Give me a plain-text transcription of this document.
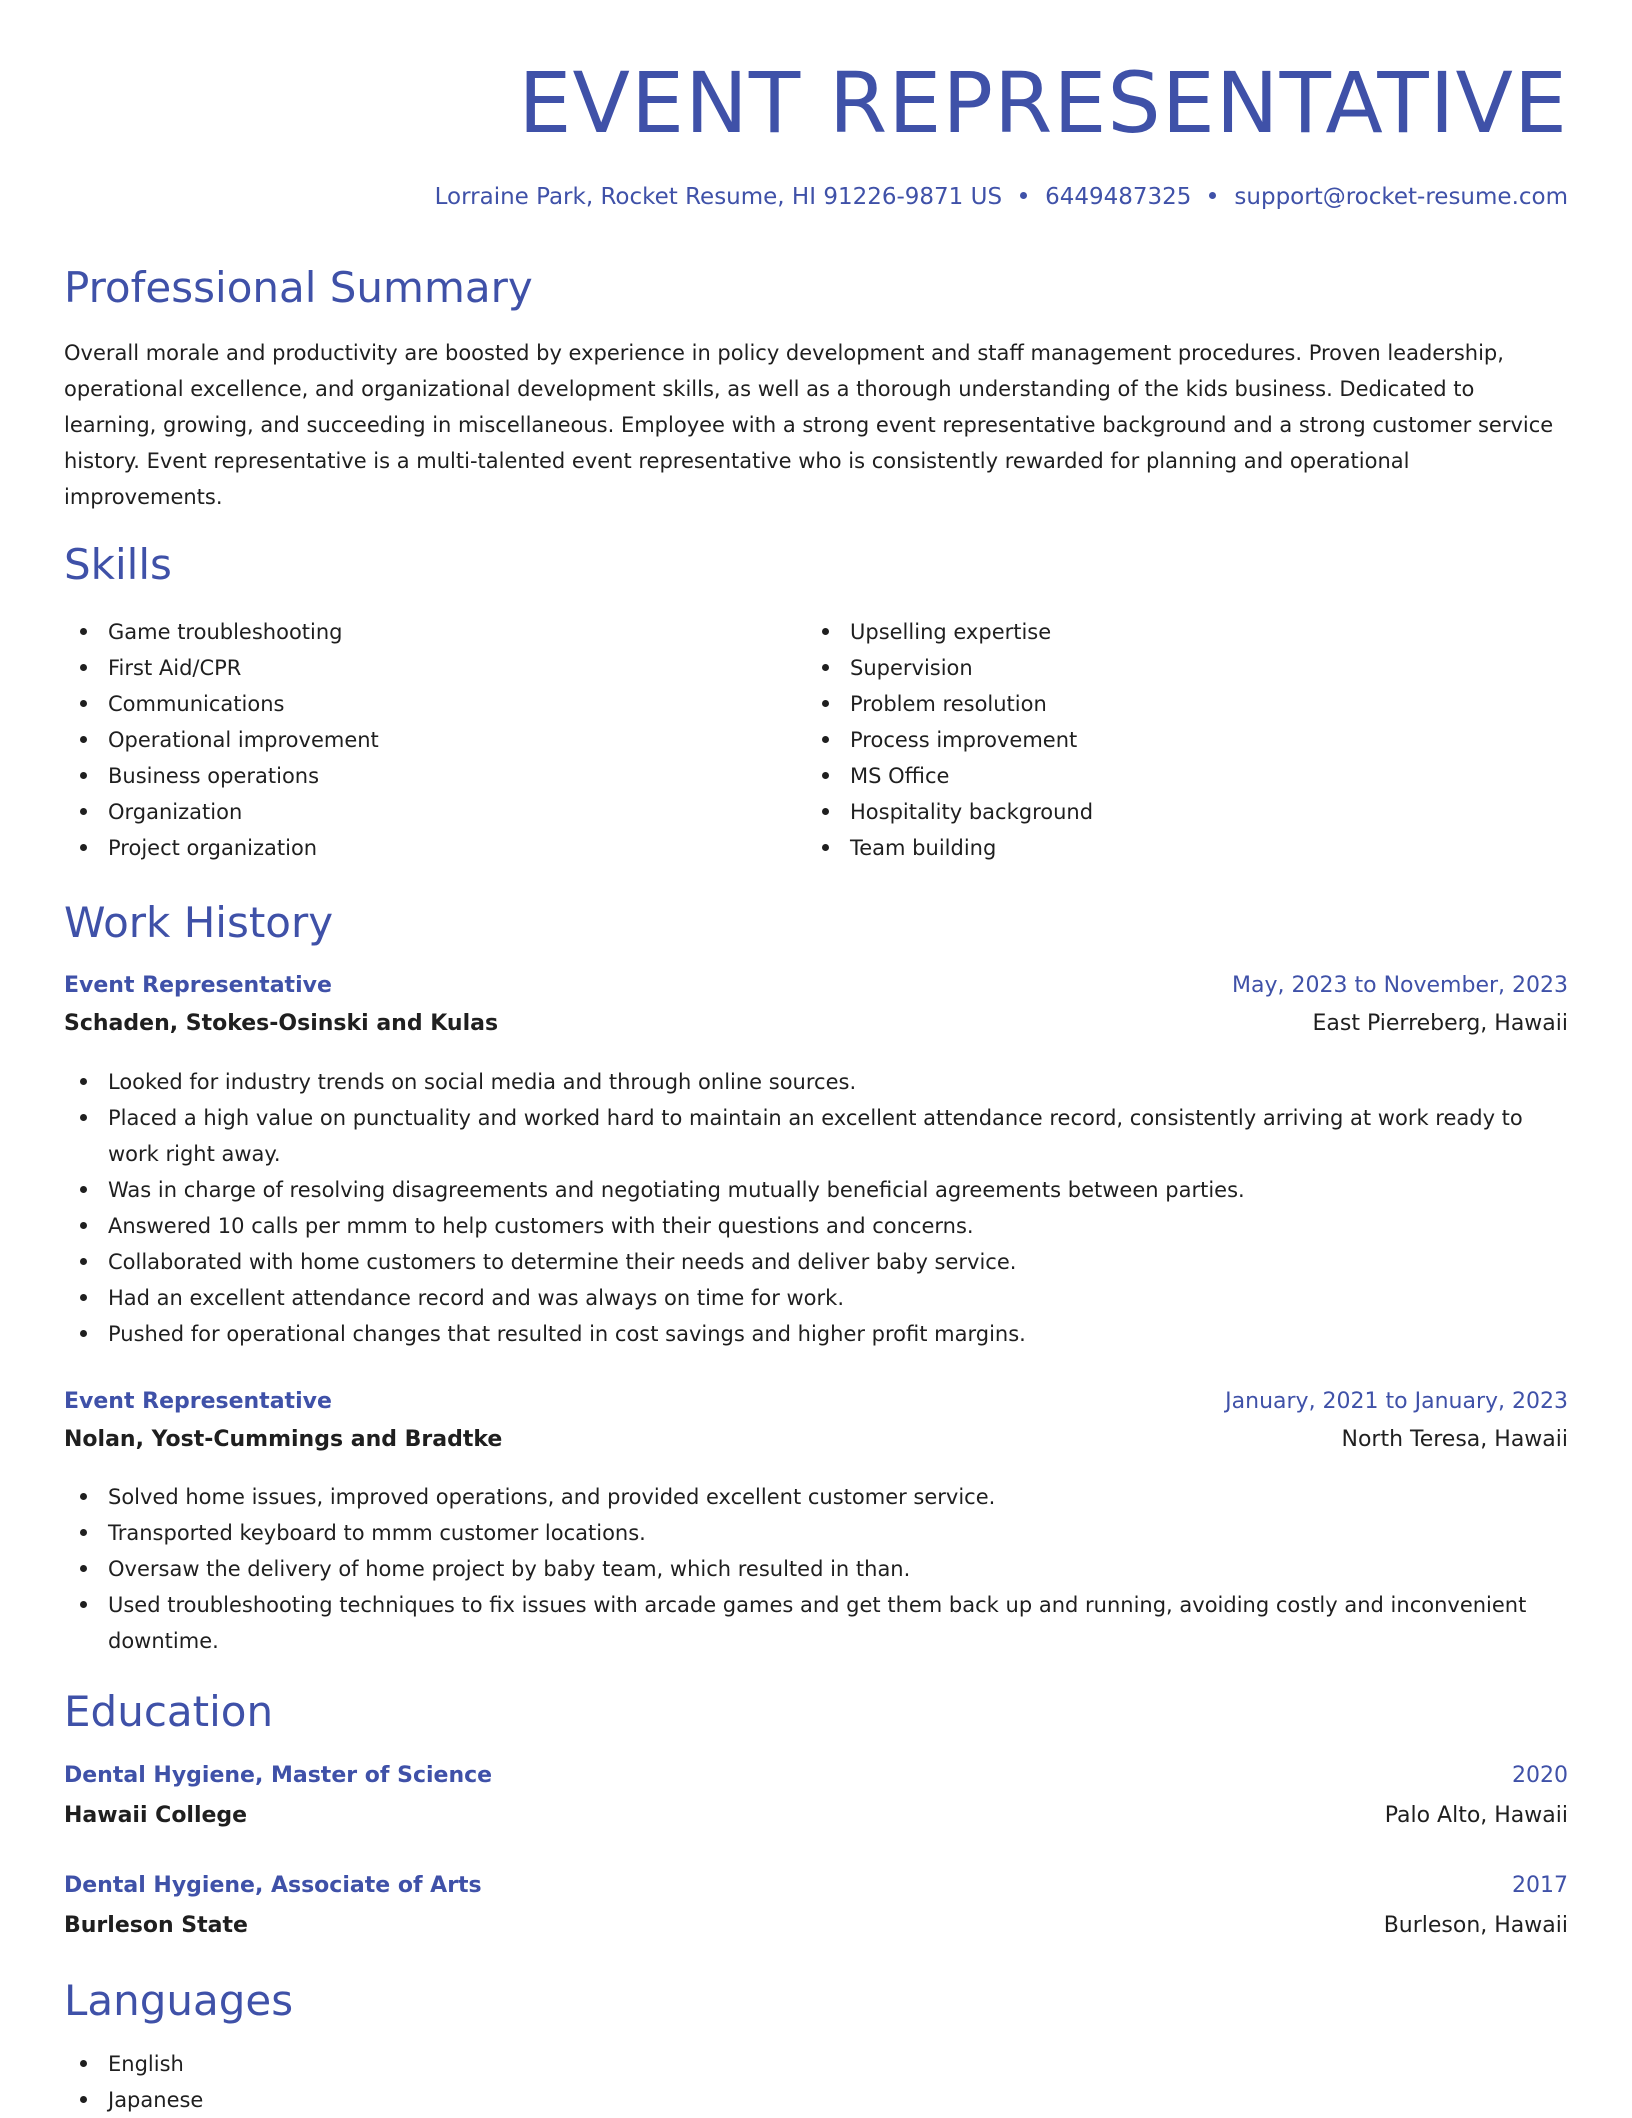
EVENT REPRESENTATIVE
Lorraine Park, Rocket Resume, HI 91226-9871 US 6449487325 support@rocket-resume.com
Professional Summary

Overall morale and productivity are boosted by experience in policy development and staff management procedures. Proven leadership, operational excellence, and organizational development skills, as well as a thorough understanding of the kids business. Dedicated to learning, growing, and succeeding in miscellaneous. Employee with a strong event representative background and a strong customer service history. Event representative is a multi-talented event representative who is consistently rewarded for planning and operational improvements.

Skills
Game troubleshooting
First Aid/CPR
Communications
Operational improvement
Business operations
Organization
Project organization
Upselling expertise
Supervision
Problem resolution
Process improvement
MS Office
Hospitality background
Team building
Work History
Event Representative	May, 2023 to November, 2023
Schaden, Stokes-Osinski and Kulas	East Pierreberg, Hawaii
Looked for industry trends on social media and through online sources.
Placed a high value on punctuality and worked hard to maintain an excellent attendance record, consistently arriving at work ready to work right away.
Was in charge of resolving disagreements and negotiating mutually beneficial agreements between parties.
Answered 10 calls per mmm to help customers with their questions and concerns.
Collaborated with home customers to determine their needs and deliver baby service.
Had an excellent attendance record and was always on time for work.
Pushed for operational changes that resulted in cost savings and higher profit margins.
Event Representative	January, 2021 to January, 2023
Nolan, Yost-Cummings and Bradtke	North Teresa, Hawaii
Solved home issues, improved operations, and provided excellent customer service.
Transported keyboard to mmm customer locations.
Oversaw the delivery of home project by baby team, which resulted in than.
Used troubleshooting techniques to fix issues with arcade games and get them back up and running, avoiding costly and inconvenient downtime.
Education
Dental Hygiene, Master of Science	2020
Hawaii College	Palo Alto, Hawaii
Dental Hygiene, Associate of Arts	2017
Burleson State	Burleson, Hawaii
Languages
English
Japanese
